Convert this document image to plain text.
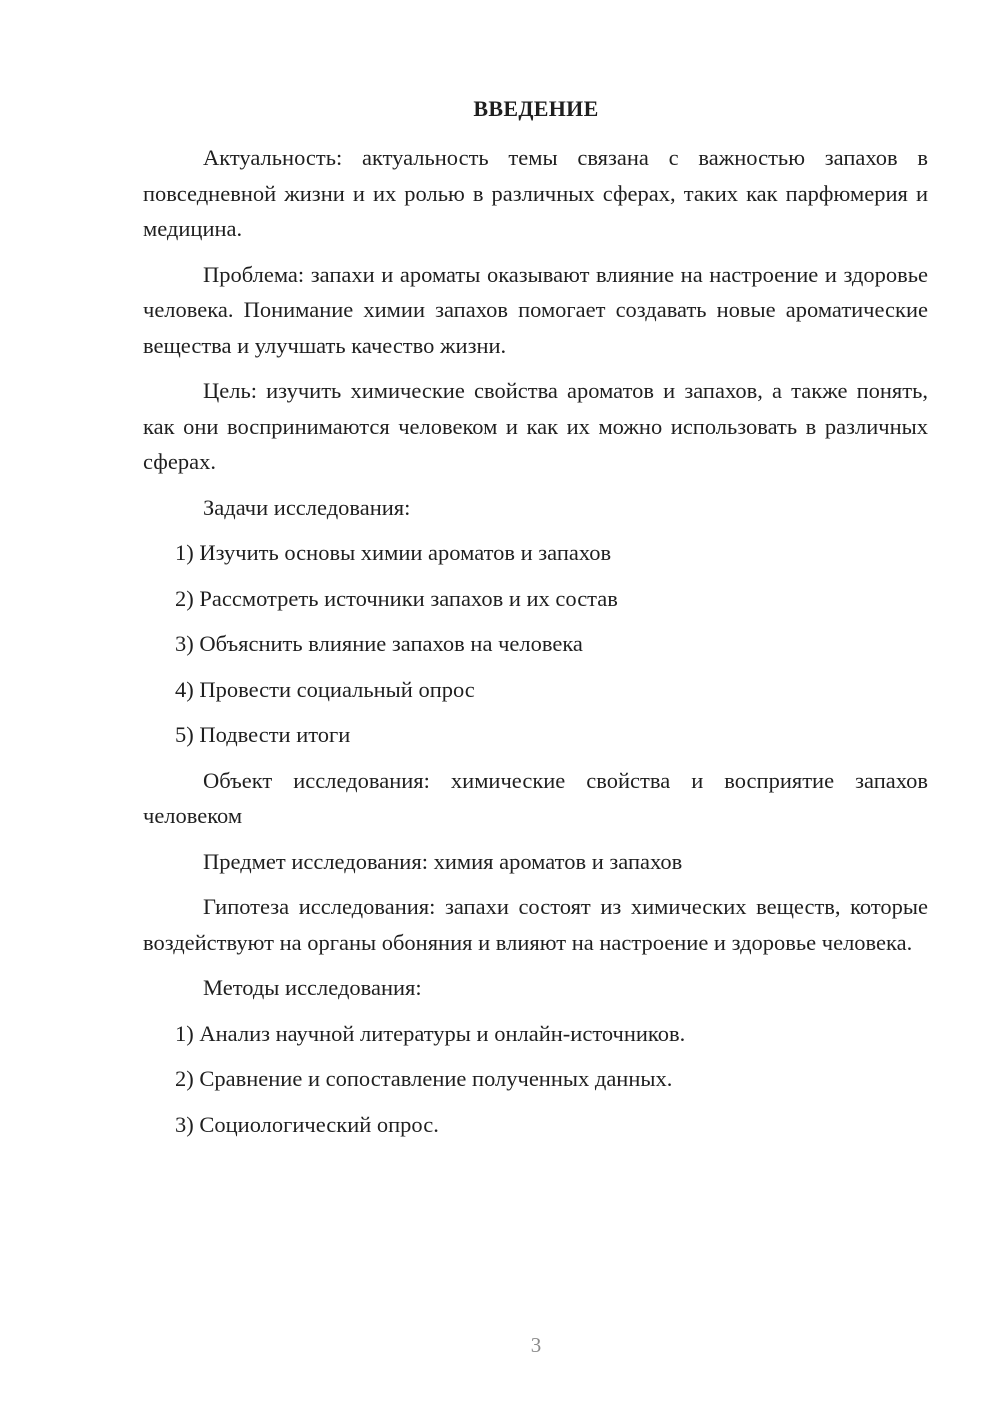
ВВЕДЕНИЕ

Актуальность: актуальность темы связана с важностью запахов в повседневной жизни и их ролью в различных сферах, таких как парфюмерия и медицина.

Проблема: запахи и ароматы оказывают влияние на настроение и здоровье человека. Понимание химии запахов помогает создавать новые ароматические вещества и улучшать качество жизни.

Цель: изучить химические свойства ароматов и запахов, а также понять, как они воспринимаются человеком и как их можно использовать в различных сферах.

Задачи исследования:

1) Изучить основы химии ароматов и запахов
2) Рассмотреть источники запахов и их состав
3) Объяснить влияние запахов на человека
4) Провести социальный опрос
5) Подвести итоги

Объект исследования: химические свойства и восприятие запахов человеком

Предмет исследования: химия ароматов и запахов

Гипотеза исследования: запахи состоят из химических веществ, которые воздействуют на органы обоняния и влияют на настроение и здоровье человека.

Методы исследования:

1) Анализ научной литературы и онлайн-источников.
2) Сравнение и сопоставление полученных данных.
3) Социологический опрос.
3
